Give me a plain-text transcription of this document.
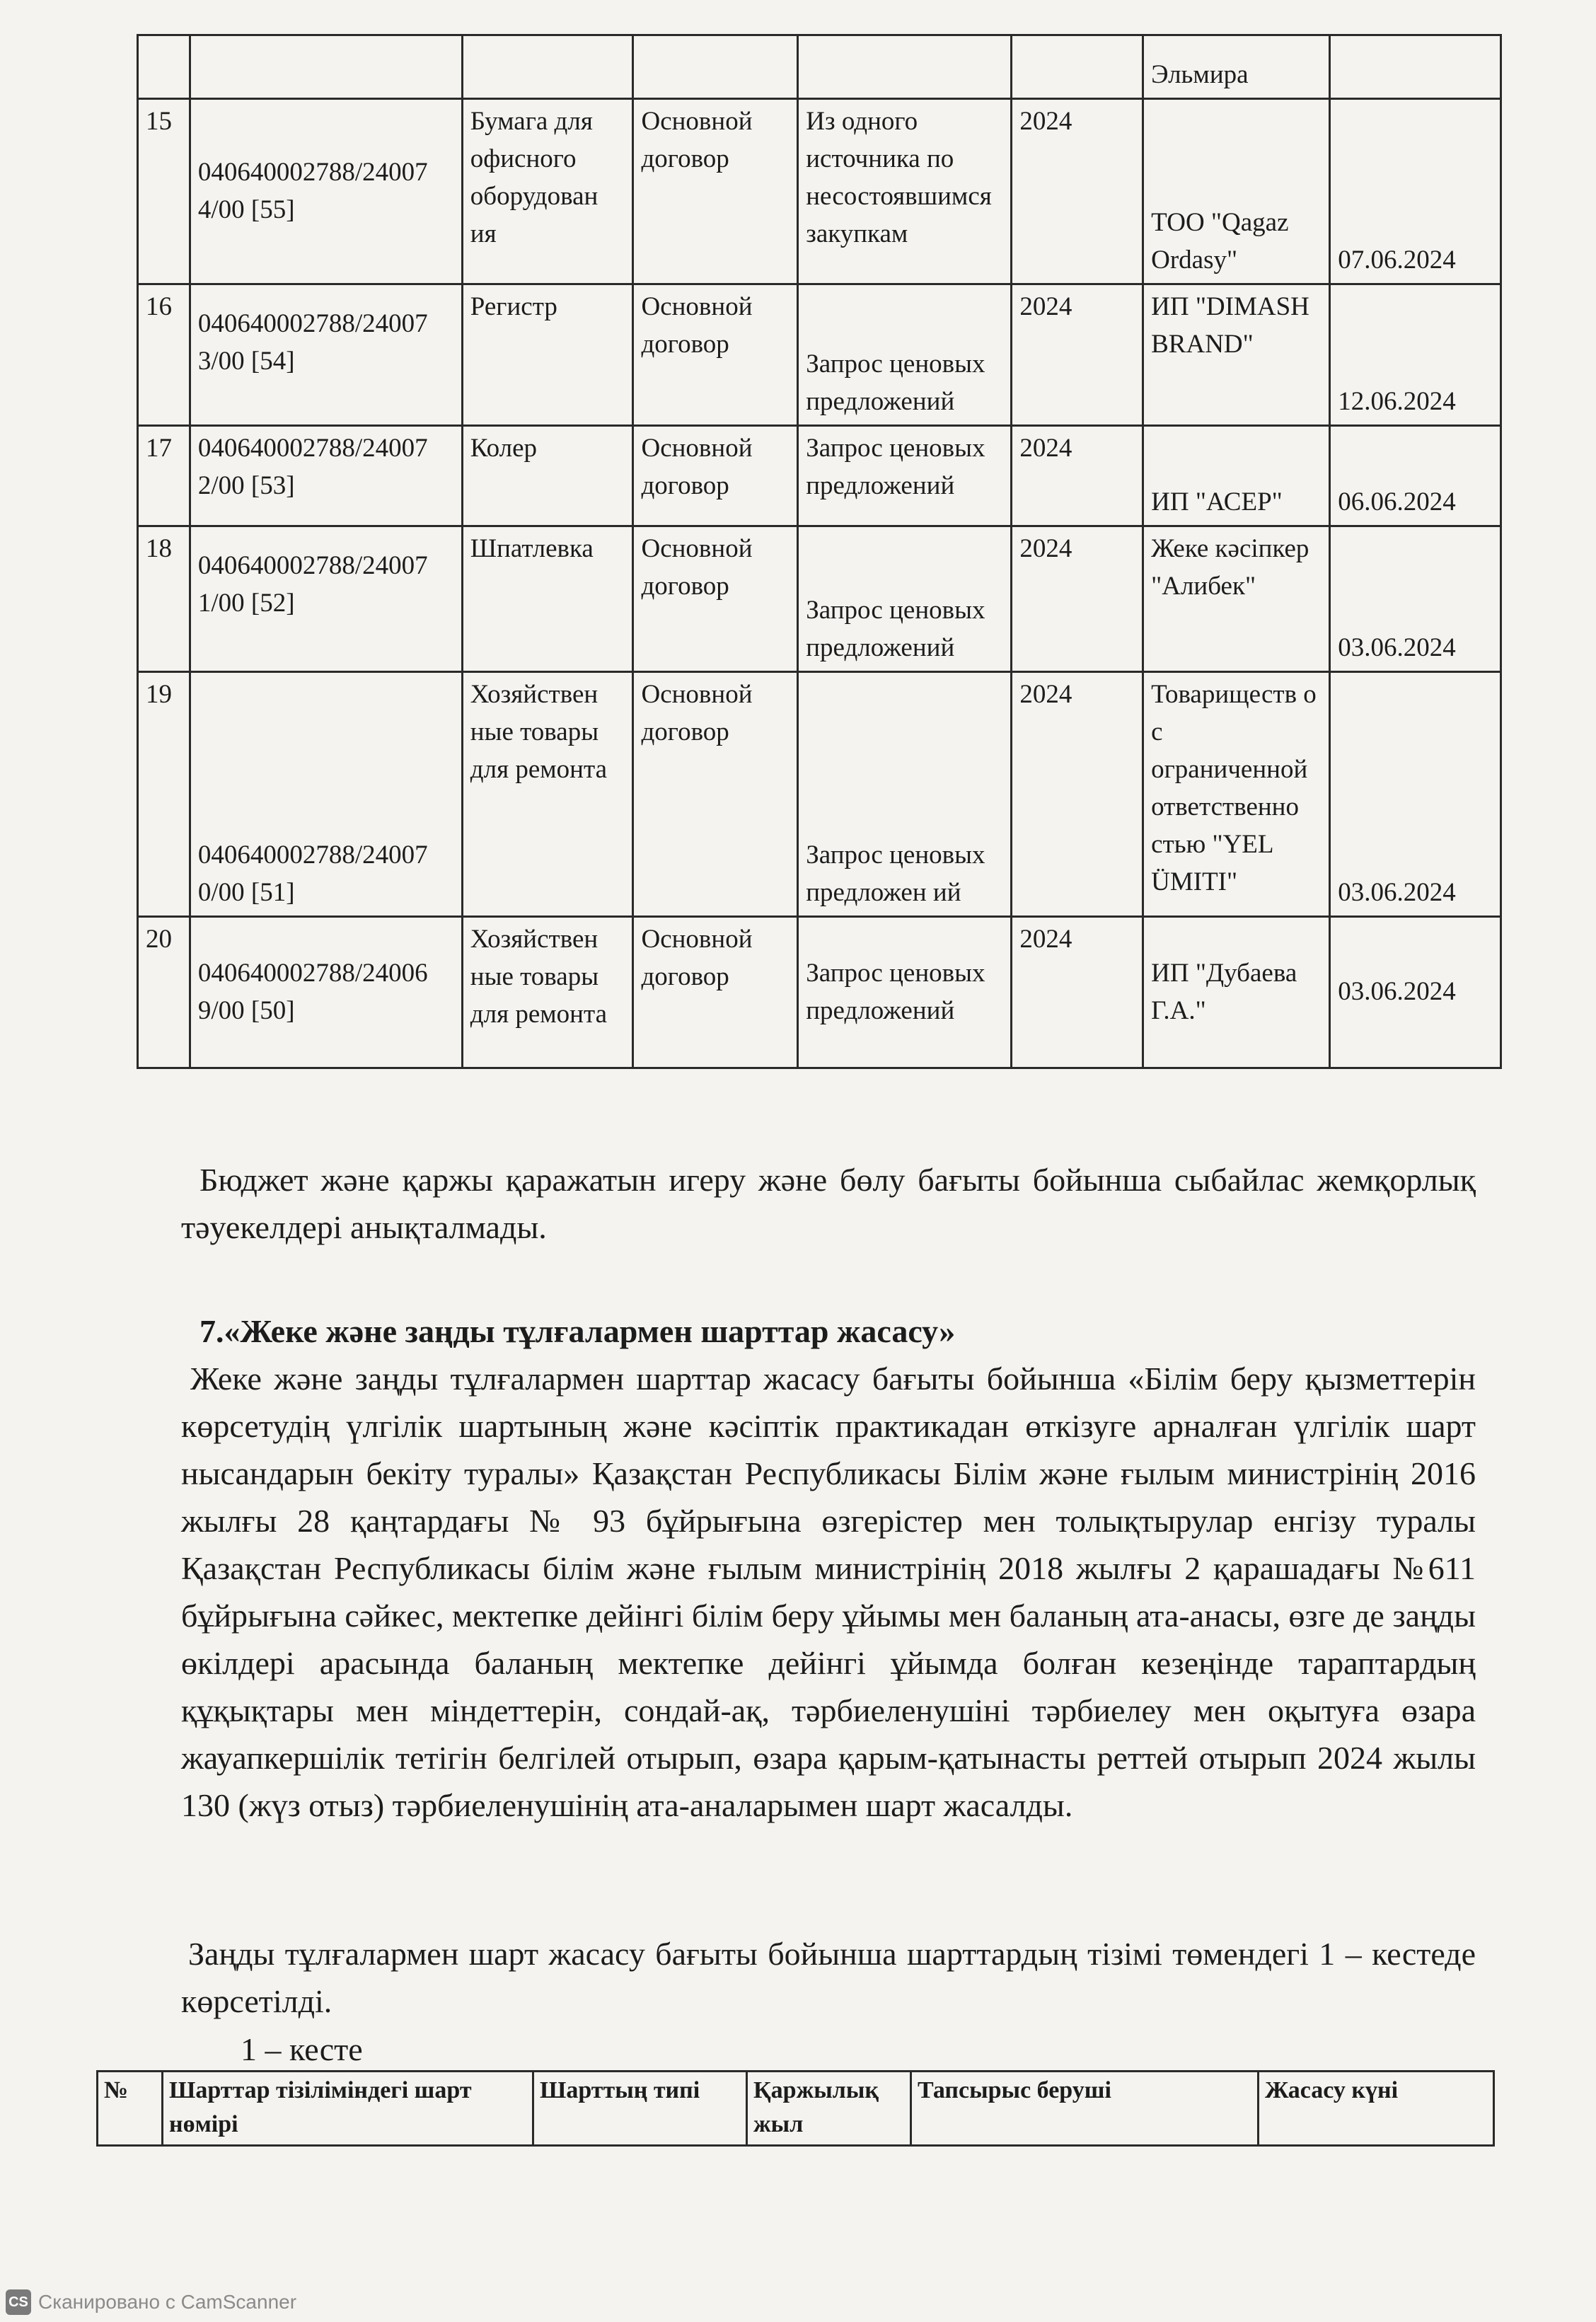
						Эльмира	
15	040640002788/24007 4/00 [55]	Бумага для офисного оборудован ия	Основной договор	Из одного источника по несостоявшимся закупкам	2024	ТОО "Qagaz Ordasy"	07.06.2024
16	040640002788/24007 3/00 [54]	Регистр	Основной договор	Запрос ценовых предложений	2024	ИП "DIMASH BRAND"	12.06.2024
17	040640002788/24007 2/00 [53]	Колер	Основной договор	Запрос ценовых предложений	2024	ИП "АСЕР"	06.06.2024
18	040640002788/24007 1/00 [52]	Шпатлевка	Основной договор	Запрос ценовых предложений	2024	Жеке кәсіпкер "Алибек"	03.06.2024
19	040640002788/24007 0/00 [51]	Хозяйствен ные товары для ремонта	Основной договор	Запрос ценовых предложен ий	2024	Товариществ о с ограниченной ответственно стью "YEL ÜMITI"	03.06.2024
20	040640002788/24006 9/00 [50]	Хозяйствен ные товары для ремонта	Основной договор	Запрос ценовых предложений	2024	ИП "Дубаева Г.А."	03.06.2024
Бюджет және қаржы қаражатын игеру және бөлу бағыты бойынша сыбайлас жемқорлық тәуекелдері анықталмады.
7.«Жеке және заңды тұлғалармен шарттар жасасу»
Жеке және заңды тұлғалармен шарттар жасасу бағыты бойынша «Білім беру қызметтерін көрсетудің үлгілік шартының және кәсіптік практикадан өткізуге арналған үлгілік шарт нысандарын бекіту туралы» Қазақстан Республикасы Білім және ғылым министрінің 2016 жылғы 28 қаңтардағы № 93 бұйрығына өзгерістер мен толықтырулар енгізу туралы Қазақстан Республикасы білім және ғылым министрінің 2018 жылғы 2 қарашадағы №611 бұйрығына сәйкес, мектепке дейінгі білім беру ұйымы мен баланың ата-анасы, өзге де заңды өкілдері арасында баланың мектепке дейінгі ұйымда болған кезеңінде тараптардың құқықтары мен міндеттерін, сондай-ақ, тәрбиеленушіні тәрбиелеу мен оқытуға өзара жауапкершілік тетігін белгілей отырып, өзара қарым-қатынасты реттей отырып 2024 жылы 130 (жүз отыз) тәрбиеленушінің ата-аналарымен шарт жасалды.
Заңды тұлғалармен шарт жасасу бағыты бойынша шарттардың тізімі төмендегі 1 – кестеде көрсетілді.
1 – кесте
№	Шарттар тізіліміндегі шарт нөмірі	Шарттың типі	Қаржылық жыл	Тапсырыс беруші	Жасасу күні
CS Сканировано с CamScanner
